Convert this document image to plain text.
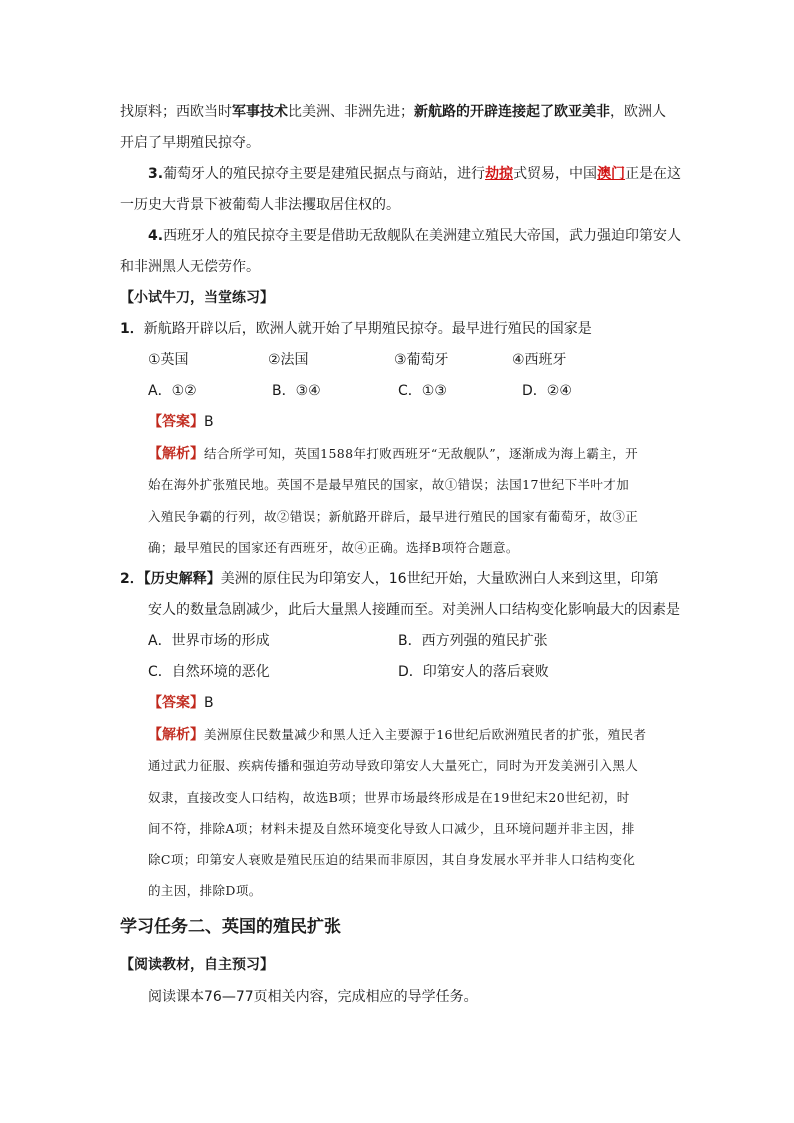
找原料；西欧当时军事技术比美洲、非洲先进；新航路的开辟连接起了欧亚美非，欧洲人
开启了早期殖民掠夺。
3.葡萄牙人的殖民掠夺主要是建殖民据点与商站，进行劫掠式贸易，中国澳门正是在这
一历史大背景下被葡萄人非法攫取居住权的。
4.西班牙人的殖民掠夺主要是借助无敌舰队在美洲建立殖民大帝国，武力强迫印第安人
和非洲黑人无偿劳作。
【小试牛刀，当堂练习】
1．新航路开辟以后，欧洲人就开始了早期殖民掠夺。最早进行殖民的国家是
①英国	②法国	③葡萄牙	④西班牙
A．①②	B．③④	C．①③	D．②④
【答案】B
【解析】结合所学可知，英国1588年打败西班牙“无敌舰队”，逐渐成为海上霸主，开
始在海外扩张殖民地。英国不是最早殖民的国家，故①错误；法国17世纪下半叶才加
入殖民争霸的行列，故②错误；新航路开辟后，最早进行殖民的国家有葡萄牙，故③正
确；最早殖民的国家还有西班牙，故④正确。选择B项符合题意。
2．【历史解释】美洲的原住民为印第安人，16世纪开始，大量欧洲白人来到这里，印第
安人的数量急剧减少，此后大量黑人接踵而至。对美洲人口结构变化影响最大的因素是
A．世界市场的形成	B．西方列强的殖民扩张
C．自然环境的恶化	D．印第安人的落后衰败
【答案】B
【解析】美洲原住民数量减少和黑人迁入主要源于16世纪后欧洲殖民者的扩张，殖民者
通过武力征服、疾病传播和强迫劳动导致印第安人大量死亡，同时为开发美洲引入黑人
奴隶，直接改变人口结构，故选B项；世界市场最终形成是在19世纪末20世纪初，时
间不符，排除A项；材料未提及自然环境变化导致人口减少，且环境问题并非主因，排
除C项；印第安人衰败是殖民压迫的结果而非原因，其自身发展水平并非人口结构变化
的主因，排除D项。
学习任务二、英国的殖民扩张
【阅读教材，自主预习】
阅读课本76—77页相关内容，完成相应的导学任务。
